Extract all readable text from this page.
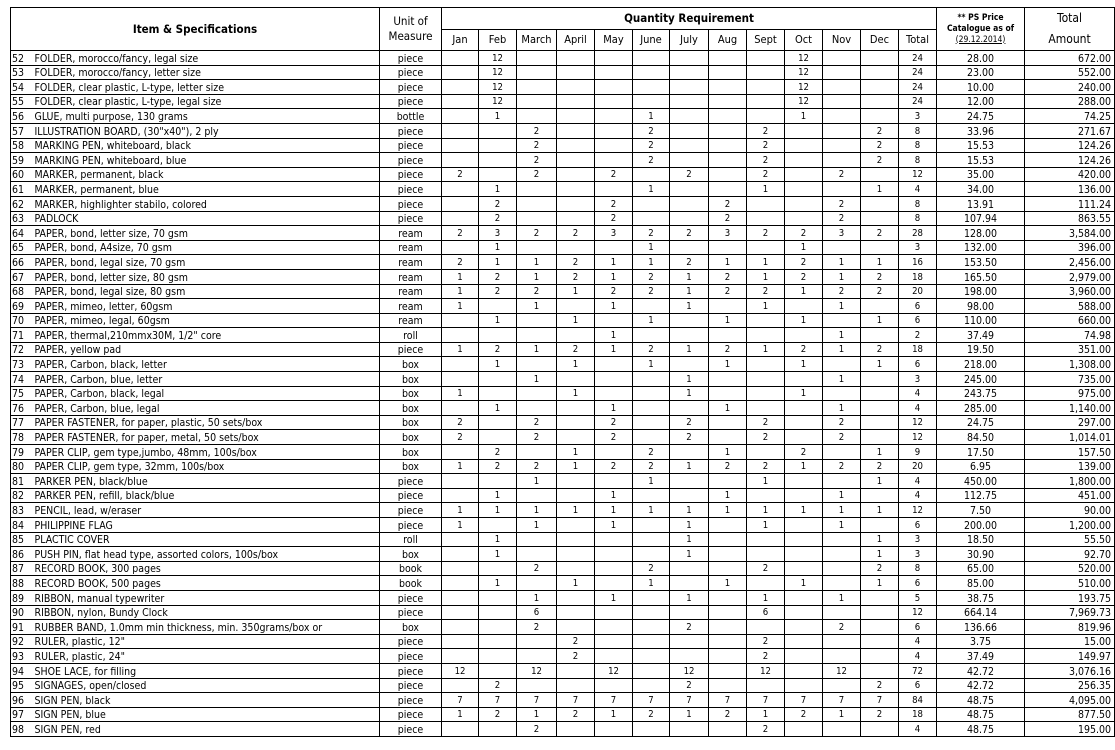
Item & Specifications		Unit of
Measure	Quantity Requirement													** PS Price
Catalogue as of
(29.12.2014)	Total
Amount
			Jan	Feb	March	April	May	June	July	Aug	Sept	Oct	Nov	Dec	Total		
52	FOLDER, morocco/fancy, legal size	piece		12								12			24	28.00	672.00
53	FOLDER, morocco/fancy, letter size	piece		12								12			24	23.00	552.00
54	FOLDER, clear plastic, L-type, letter size	piece		12								12			24	10.00	240.00
55	FOLDER, clear plastic, L-type, legal size	piece		12								12			24	12.00	288.00
56	GLUE, multi purpose, 130 grams	bottle		1				1				1			3	24.75	74.25
57	ILLUSTRATION BOARD, (30"x40"), 2 ply	piece			2			2			2			2	8	33.96	271.67
58	MARKING PEN, whiteboard, black	piece			2			2			2			2	8	15.53	124.26
59	MARKING PEN, whiteboard, blue	piece			2			2			2			2	8	15.53	124.26
60	MARKER, permanent, black	piece	2		2		2		2		2		2		12	35.00	420.00
61	MARKER, permanent, blue	piece		1				1			1			1	4	34.00	136.00
62	MARKER, highlighter stabilo, colored	piece		2			2			2			2		8	13.91	111.24
63	PADLOCK	piece		2			2			2			2		8	107.94	863.55
64	PAPER, bond, letter size, 70 gsm	ream	2	3	2	2	3	2	2	3	2	2	3	2	28	128.00	3,584.00
65	PAPER, bond, A4size, 70 gsm	ream		1				1				1			3	132.00	396.00
66	PAPER, bond, legal size, 70 gsm	ream	2	1	1	2	1	1	2	1	1	2	1	1	16	153.50	2,456.00
67	PAPER, bond, letter size, 80 gsm	ream	1	2	1	2	1	2	1	2	1	2	1	2	18	165.50	2,979.00
68	PAPER, bond, legal size, 80 gsm	ream	1	2	2	1	2	2	1	2	2	1	2	2	20	198.00	3,960.00
69	PAPER, mimeo, letter, 60gsm	ream	1		1		1		1		1		1		6	98.00	588.00
70	PAPER, mimeo, legal, 60gsm	ream		1		1		1		1		1		1	6	110.00	660.00
71	PAPER, thermal,210mmx30M, 1/2" core	roll					1						1		2	37.49	74.98
72	PAPER, yellow pad	piece	1	2	1	2	1	2	1	2	1	2	1	2	18	19.50	351.00
73	PAPER, Carbon, black, letter	box		1		1		1		1		1		1	6	218.00	1,308.00
74	PAPER, Carbon, blue, letter	box			1				1				1		3	245.00	735.00
75	PAPER, Carbon, black, legal	box	1			1			1			1			4	243.75	975.00
76	PAPER, Carbon, blue, legal	box		1			1			1			1		4	285.00	1,140.00
77	PAPER FASTENER, for paper, plastic, 50 sets/box	box	2		2		2		2		2		2		12	24.75	297.00
78	PAPER FASTENER, for paper, metal, 50 sets/box	box	2		2		2		2		2		2		12	84.50	1,014.01
79	PAPER CLIP, gem type,jumbo, 48mm, 100s/box	box		2		1		2		1		2		1	9	17.50	157.50
80	PAPER CLIP, gem type, 32mm, 100s/box	box	1	2	2	1	2	2	1	2	2	1	2	2	20	6.95	139.00
81	PARKER PEN, black/blue	piece			1			1			1			1	4	450.00	1,800.00
82	PARKER PEN, refill, black/blue	piece		1			1			1			1		4	112.75	451.00
83	PENCIL, lead, w/eraser	piece	1	1	1	1	1	1	1	1	1	1	1	1	12	7.50	90.00
84	PHILIPPINE FLAG	piece	1		1		1		1		1		1		6	200.00	1,200.00
85	PLACTIC COVER	roll		1					1					1	3	18.50	55.50
86	PUSH PIN, flat head type, assorted colors, 100s/box	box		1					1					1	3	30.90	92.70
87	RECORD BOOK, 300 pages	book			2			2			2			2	8	65.00	520.00
88	RECORD BOOK, 500 pages	book		1		1		1		1		1		1	6	85.00	510.00
89	RIBBON, manual typewriter	piece			1		1		1		1		1		5	38.75	193.75
90	RIBBON, nylon, Bundy Clock	piece			6						6				12	664.14	7,969.73
91	RUBBER BAND, 1.0mm min thickness, min. 350grams/box or	box			2				2				2		6	136.66	819.96
92	RULER, plastic, 12"	piece				2					2				4	3.75	15.00
93	RULER, plastic, 24"	piece				2					2				4	37.49	149.97
94	SHOE LACE, for filling	piece	12		12		12		12		12		12		72	42.72	3,076.16
95	SIGNAGES, open/closed	piece		2					2					2	6	42.72	256.35
96	SIGN PEN, black	piece	7	7	7	7	7	7	7	7	7	7	7	7	84	48.75	4,095.00
97	SIGN PEN, blue	piece	1	2	1	2	1	2	1	2	1	2	1	2	18	48.75	877.50
98	SIGN PEN, red	piece			2						2				4	48.75	195.00
